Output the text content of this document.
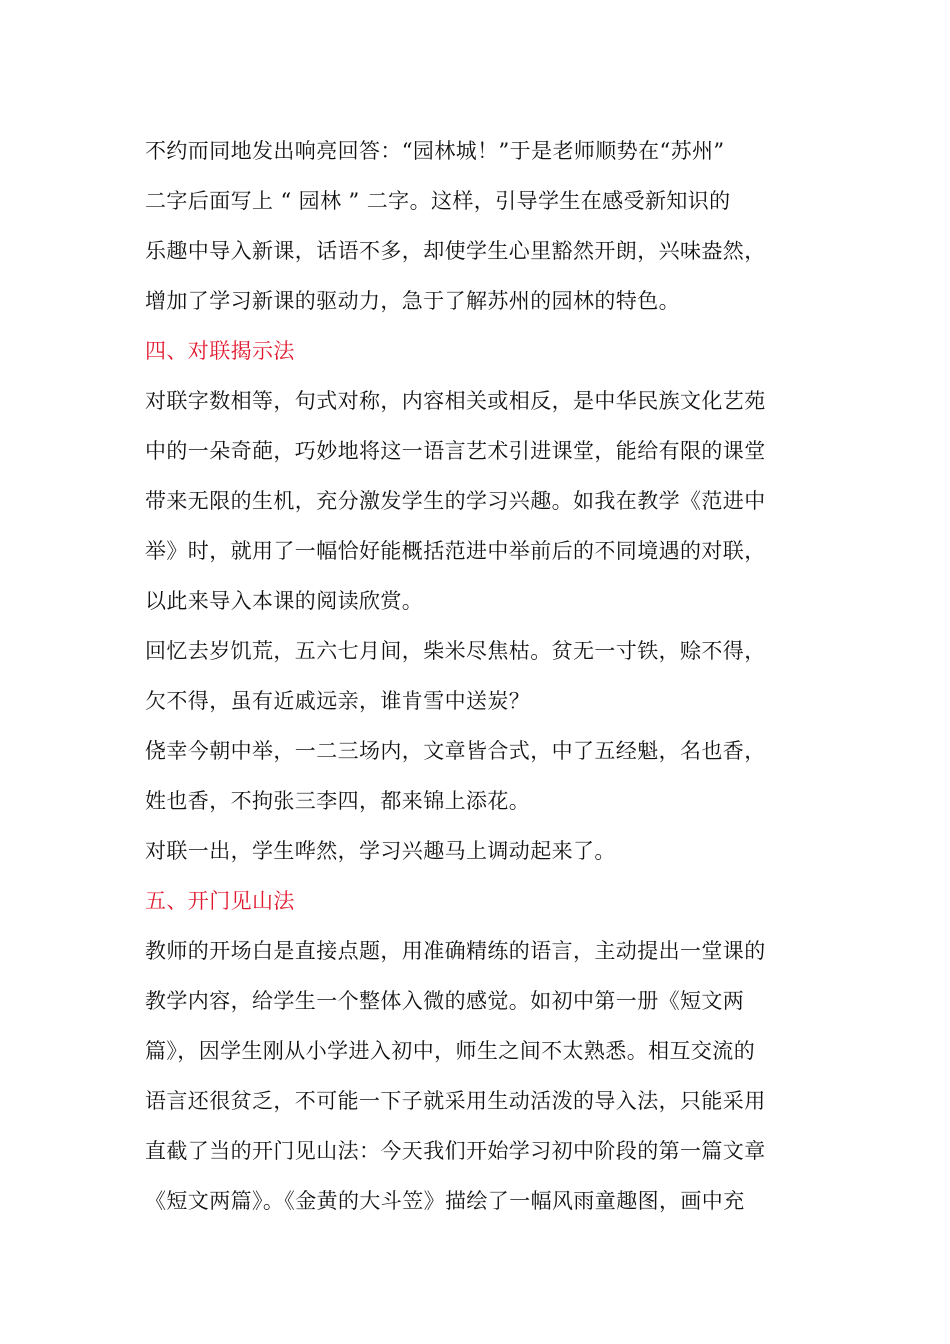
不约而同地发出响亮回答：“园林城！”于是老师顺势在“苏州”
二字后面写上 “ 园林 ” 二字。这样，引导学生在感受新知识的
乐趣中导入新课，话语不多，却使学生心里豁然开朗，兴味盎然，
增加了学习新课的驱动力，急于了解苏州的园林的特色。
四、对联揭示法
对联字数相等，句式对称，内容相关或相反，是中华民族文化艺苑
中的一朵奇葩，巧妙地将这一语言艺术引进课堂，能给有限的课堂
带来无限的生机，充分激发学生的学习兴趣。如我在教学《范进中
举》时，就用了一幅恰好能概括范进中举前后的不同境遇的对联，
以此来导入本课的阅读欣赏。
回忆去岁饥荒，五六七月间，柴米尽焦枯。贫无一寸铁，赊不得，
欠不得，虽有近戚远亲，谁肯雪中送炭？
侥幸今朝中举，一二三场内，文章皆合式，中了五经魁，名也香，
姓也香，不拘张三李四，都来锦上添花。
对联一出，学生哗然，学习兴趣马上调动起来了。
五、开门见山法
教师的开场白是直接点题，用准确精练的语言，主动提出一堂课的
教学内容，给学生一个整体入微的感觉。如初中第一册《短文两
篇》，因学生刚从小学进入初中，师生之间不太熟悉。相互交流的
语言还很贫乏，不可能一下子就采用生动活泼的导入法，只能采用
直截了当的开门见山法：今天我们开始学习初中阶段的第一篇文章
《短文两篇》。《金黄的大斗笠》描绘了一幅风雨童趣图，画中充
